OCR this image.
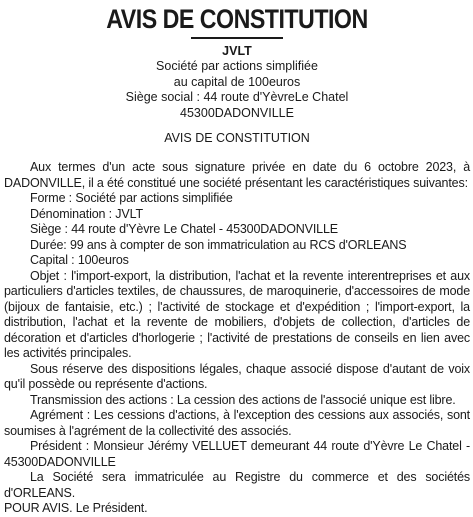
AVIS DE CONSTITUTION
JVLT
Société par actions simplifiée
au capital de 100euros
Siège social : 44 route d'YèvreLe Chatel
45300DADONVILLE
AVIS DE CONSTITUTION

Aux termes d'un acte sous signature privée en date du 6 octobre 2023, à DADONVILLE, il a été constitué une société présentant les caractéristiques suivantes:

Forme : Société par actions simplifiée

Dénomination : JVLT

Siège : 44 route d'Yèvre Le Chatel - 45300DADONVILLE

Durée: 99 ans à compter de son immatriculation au RCS d'ORLEANS

Capital : 100euros

Objet : l'import-export, la distribution, l'achat et la revente interentreprises et aux particuliers d'articles textiles, de chaussures, de maroquinerie, d'accessoires de mode (bijoux de fantaisie, etc.) ; l'activité de stockage et d'expédition ; l'import-export, la distribution, l'achat et la revente de mobiliers, d'objets de collection, d'articles de décoration et d'articles d'horlogerie ; l'activité de prestations de conseils en lien avec les activités principales.

Sous réserve des dispositions légales, chaque associé dispose d'autant de voix qu'il possède ou représente d'actions.

Transmission des actions : La cession des actions de l'associé unique est libre.

Agrément : Les cessions d'actions, à l'exception des cessions aux associés, sont soumises à l'agrément de la collectivité des associés.

Président : Monsieur Jérémy VELLUET demeurant 44 route d'Yèvre Le Chatel - 45300DADONVILLE

La Société sera immatriculée au Registre du commerce et des sociétés d'ORLEANS.

POUR AVIS. Le Président.
